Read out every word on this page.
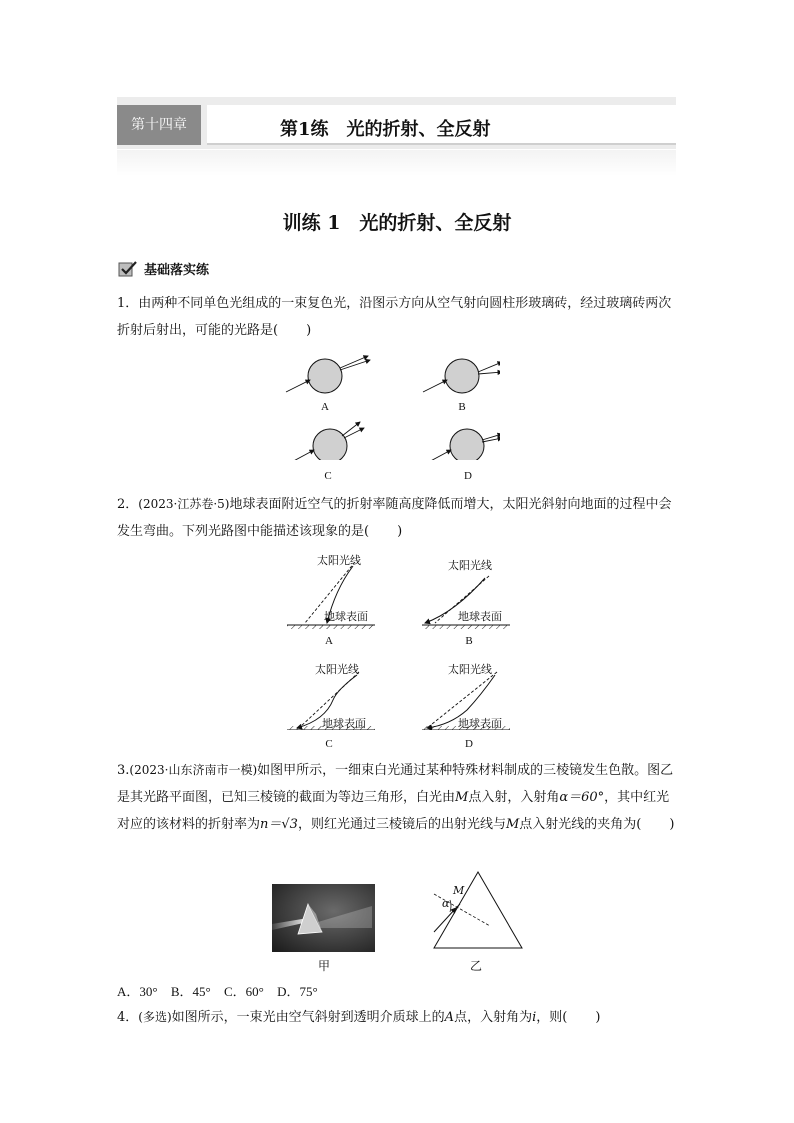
第十四章	第1练　光的折射、全反射
训练 1　光的折射、全反射
基础落实练
1．由两种不同单色光组成的一束复色光，沿图示方向从空气射向圆柱形玻璃砖，经过玻璃砖两次折射后射出，可能的光路是( )
A	B
C	D
2．(2023·江苏卷·5)地球表面附近空气的折射率随高度降低而增大，太阳光斜射向地面的过程中会发生弯曲。下列光路图中能描述该现象的是( )
太阳光线
地球表面
太阳光线
地球表面
太阳光线
地球表面
太阳光线
地球表面
A	B
C	D
3.(2023·山东济南市一模)如图甲所示，一细束白光通过某种特殊材料制成的三棱镜发生色散。图乙是其光路平面图，已知三棱镜的截面为等边三角形，白光由M点入射，入射角α＝60°，其中红光对应的该材料的折射率为n＝√3，则红光通过三棱镜后的出射光线与M点入射光线的夹角为( )
甲
M
α
乙
A．30° B．45° C．60° D．75°
4．(多选)如图所示，一束光由空气斜射到透明介质球上的A点，入射角为i，则( )
